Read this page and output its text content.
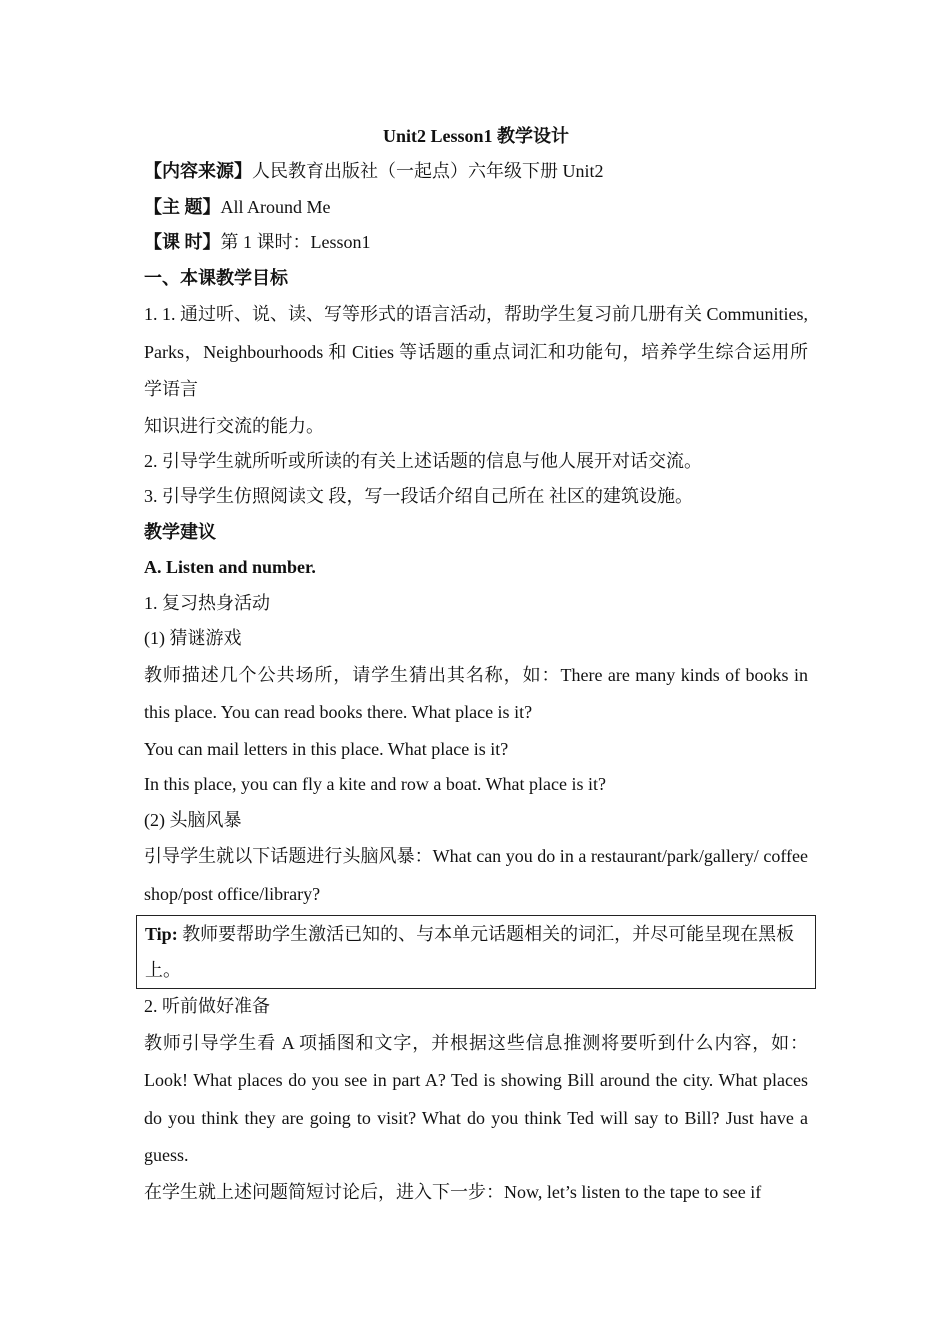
Unit2 Lesson1 教学设计

【内容来源】人民教育出版社（一起点）六年级下册 Unit2

【主 题】All Around Me

【课 时】第 1 课时：Lesson1

一、本课教学目标

1. 1. 通过听、说、读、写等形式的语言活动，帮助学生复习前几册有关 Communities, Parks，Neighbourhoods 和 Cities 等话题的重点词汇和功能句，培养学生综合运用所学语言

知识进行交流的能力。

2. 引导学生就所听或所读的有关上述话题的信息与他人展开对话交流。

3. 引导学生仿照阅读文 段，写一段话介绍自己所在 社区的建筑设施。

教学建议

A. Listen and number.

1. 复习热身活动

(1) 猜谜游戏

教师描述几个公共场所，请学生猜出其名称，如：There are many kinds of books in this place. You can read books there. What place is it?

You can mail letters in this place. What place is it?

In this place, you can fly a kite and row a boat. What place is it?

(2) 头脑风暴

引导学生就以下话题进行头脑风暴：What can you do in a restaurant/park/gallery/ coffee shop/post office/library?

Tip: 教师要帮助学生激活已知的、与本单元话题相关的词汇，并尽可能呈现在黑板上。

2. 听前做好准备

教师引导学生看 A 项插图和文字，并根据这些信息推测将要听到什么内容，如：Look! What places do you see in part A? Ted is showing Bill around the city. What places do you think they are going to visit? What do you think Ted will say to Bill? Just have a guess.

在学生就上述问题简短讨论后，进入下一步：Now, let’s listen to the tape to see if
